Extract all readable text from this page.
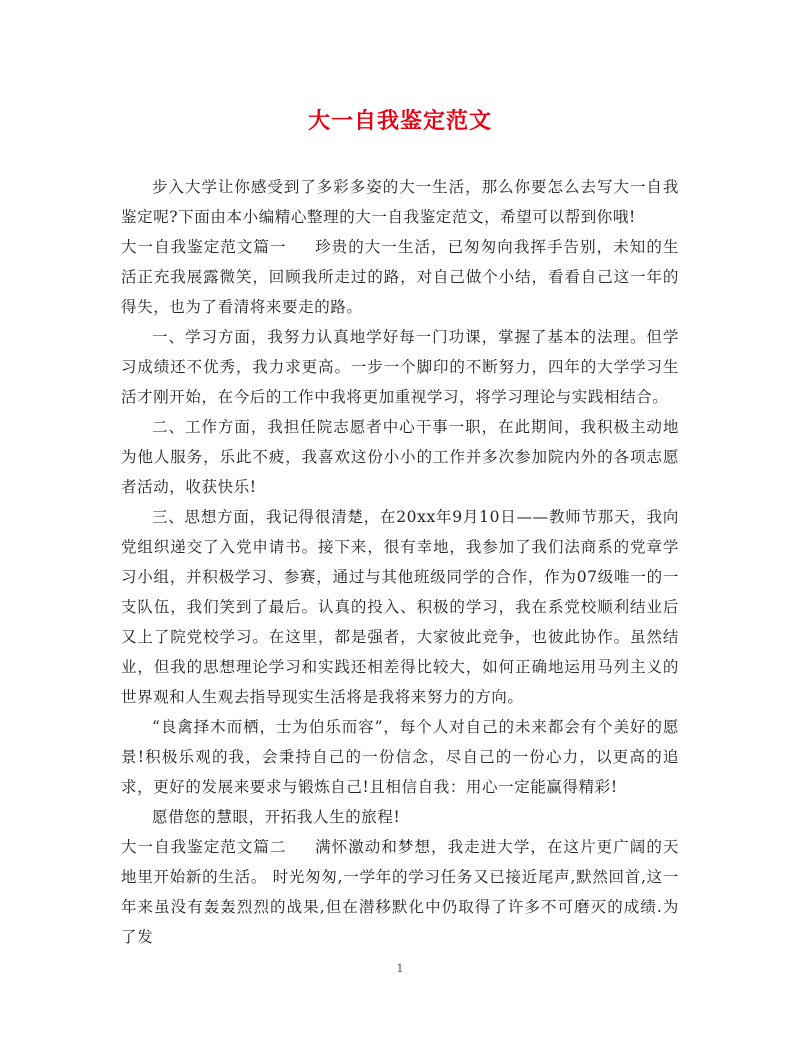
大一自我鉴定范文

步入大学让你感受到了多彩多姿的大一生活，那么你要怎么去写大一自我鉴定呢?下面由本小编精心整理的大一自我鉴定范文，希望可以帮到你哦!

大一自我鉴定范文篇一 珍贵的大一生活，已匆匆向我挥手告别，未知的生活正充我展露微笑，回顾我所走过的路，对自己做个小结，看看自己这一年的得失，也为了看清将来要走的路。

一、学习方面，我努力认真地学好每一门功课，掌握了基本的法理。但学习成绩还不优秀，我力求更高。一步一个脚印的不断努力，四年的大学学习生活才刚开始，在今后的工作中我将更加重视学习，将学习理论与实践相结合。

二、工作方面，我担任院志愿者中心干事一职，在此期间，我积极主动地为他人服务，乐此不疲，我喜欢这份小小的工作并多次参加院内外的各项志愿者活动，收获快乐!

三、思想方面，我记得很清楚，在20xx年9月10日——教师节那天，我向党组织递交了入党申请书。接下来，很有幸地，我参加了我们法商系的党章学习小组，并积极学习、参赛，通过与其他班级同学的合作，作为07级唯一的一支队伍，我们笑到了最后。认真的投入、积极的学习，我在系党校顺利结业后又上了院党校学习。在这里，都是强者，大家彼此竞争，也彼此协作。虽然结业，但我的思想理论学习和实践还相差得比较大，如何正确地运用马列主义的世界观和人生观去指导现实生活将是我将来努力的方向。

“良禽择木而栖，士为伯乐而容”，每个人对自己的未来都会有个美好的愿景!积极乐观的我，会秉持自己的一份信念，尽自己的一份心力，以更高的追求，更好的发展来要求与锻炼自己!且相信自我：用心一定能赢得精彩!

愿借您的慧眼，开拓我人生的旅程!

大一自我鉴定范文篇二 满怀激动和梦想，我走进大学，在这片更广阔的天地里开始新的生活。 时光匆匆,一学年的学习任务又已接近尾声,默然回首,这一年来虽没有轰轰烈烈的战果,但在潜移默化中仍取得了许多不可磨灭的成绩.为了发

1
